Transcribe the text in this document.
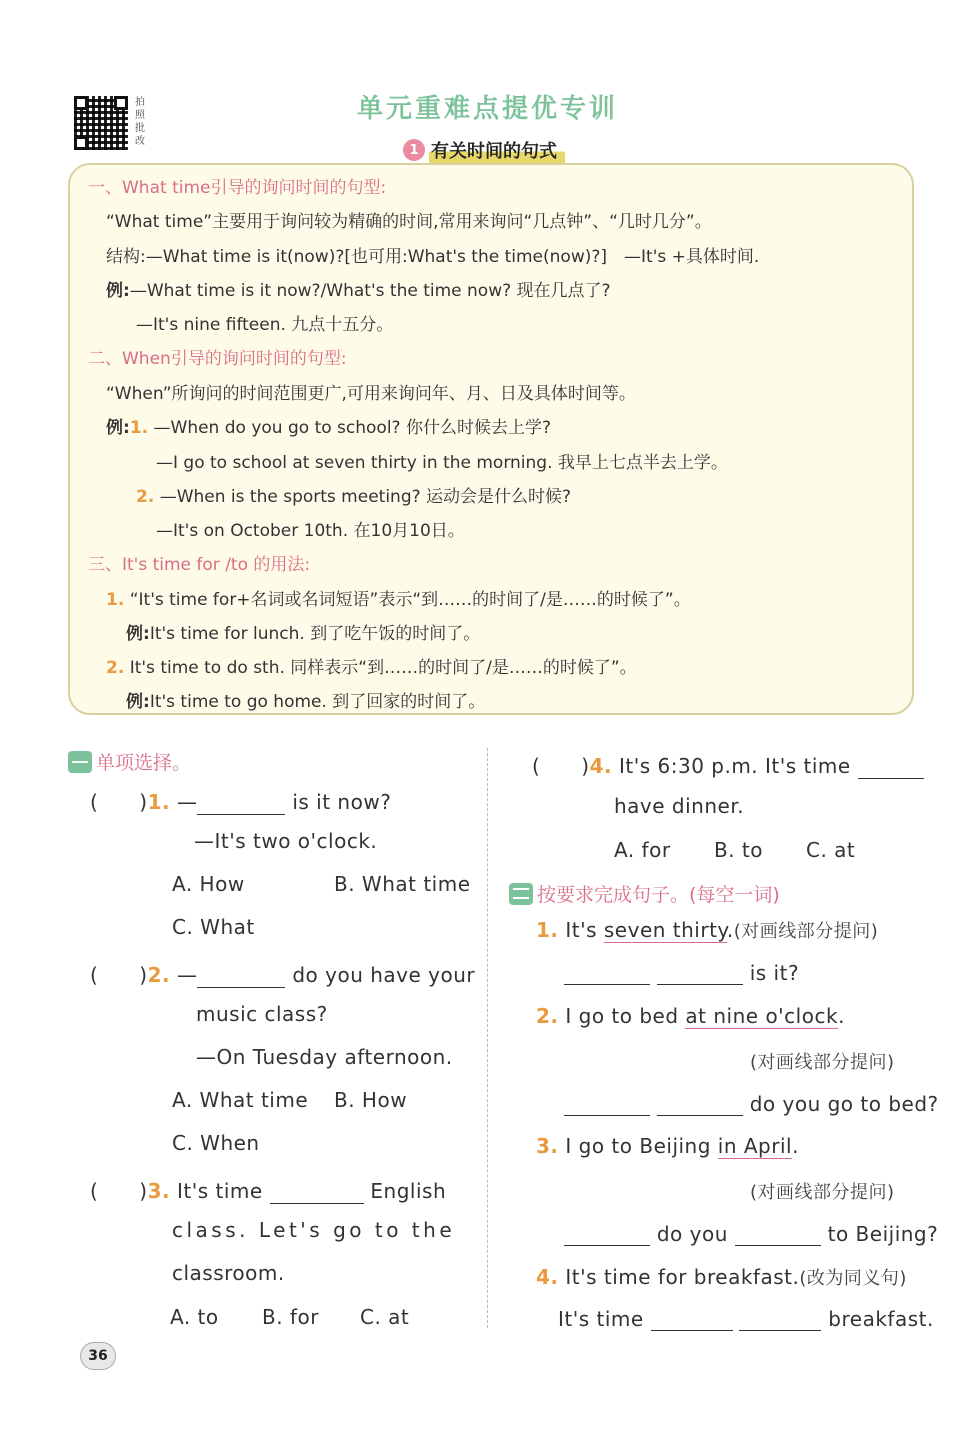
拍照批改
单元重难点提优专训
1 有关时间的句式
一、What time引导的询问时间的句型:
“What time”主要用于询问较为精确的时间,常用来询问“几点钟”、“几时几分”。
结构:—What time is it(now)?[也可用:What's the time(now)?]　—It's +具体时间.
例:—What time is it now?/What's the time now? 现在几点了?
—It's nine fifteen. 九点十五分。
二、When引导的询问时间的句型:
“When”所询问的时间范围更广,可用来询问年、月、日及具体时间等。
例:1. —When do you go to school? 你什么时候去上学?
—I go to school at seven thirty in the morning. 我早上七点半去上学。
2. —When is the sports meeting? 运动会是什么时候?
—It's on October 10th. 在10月10日。
三、It's time for /to 的用法:
1. “It's time for+名词或名词短语”表示“到……的时间了/是……的时候了”。
例:It's time for lunch. 到了吃午饭的时间了。
2. It's time to do sth. 同样表示“到……的时间了/是……的时候了”。
例:It's time to go home. 到了回家的时间了。
单项选择。
(　　)1. —	is it now?
—It's two o'clock.
A. How	B. What time
C. What
(　　)2. —	do you have your
music class?
—On Tuesday afternoon.
A. What time B. How
C. When
(　　)3. It's time	English
class. Let's go to the
classroom.
A. to B. for C. at
(　　)4. It's 6:30 p.m. It's time
have dinner.
A. for B. to C. at
按要求完成句子。(每空一词)
1. It's seven thirty.(对画线部分提问)
is it?
2. I go to bed at nine o'clock.
(对画线部分提问)
do you go to bed?
3. I go to Beijing in April.
(对画线部分提问)
do you	to Beijing?
4. It's time for breakfast.(改为同义句)
It's time	breakfast.
36
